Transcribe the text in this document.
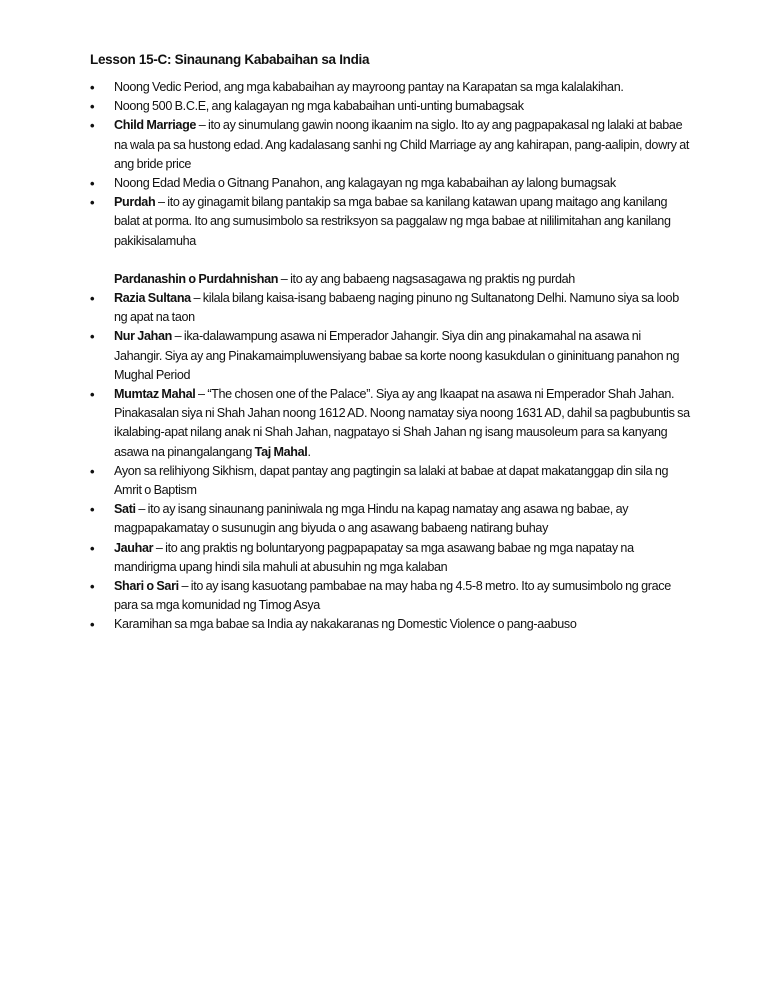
Lesson 15-C: Sinaunang Kababaihan sa India
• Noong Vedic Period, ang mga kababaihan ay mayroong pantay na Karapatan sa mga kalalakihan.
• Noong 500 B.C.E, ang kalagayan ng mga kababaihan unti-unting bumabagsak
• Child Marriage – ito ay sinumulang gawin noong ikaanim na siglo. Ito ay ang pagpapakasal ng lalaki at babae na wala pa sa hustong edad. Ang kadalasang sanhi ng Child Marriage ay ang kahirapan, pang-aalipin, dowry at ang bride price
• Noong Edad Media o Gitnang Panahon, ang kalagayan ng mga kababaihan ay lalong bumagsak
• Purdah – ito ay ginagamit bilang pantakip sa mga babae sa kanilang katawan upang maitago ang kanilang balat at porma. Ito ang sumusimbolo sa restriksyon sa paggalaw ng mga babae at nililimitahan ang kanilang pakikisalamuha
Pardanashin o Purdahnishan – ito ay ang babaeng nagsasagawa ng praktis ng purdah
• Razia Sultana – kilala bilang kaisa-isang babaeng naging pinuno ng Sultanatong Delhi. Namuno siya sa loob ng apat na taon
• Nur Jahan – ika-dalawampung asawa ni Emperador Jahangir. Siya din ang pinakamahal na asawa ni Jahangir. Siya ay ang Pinakamaimpluwensiyang babae sa korte noong kasukdulan o gininituang panahon ng Mughal Period
• Mumtaz Mahal – “The chosen one of the Palace”. Siya ay ang Ikaapat na asawa ni Emperador Shah Jahan. Pinakasalan siya ni Shah Jahan noong 1612 AD. Noong namatay siya noong 1631 AD, dahil sa pagbubuntis sa ikalabing-apat nilang anak ni Shah Jahan, nagpatayo si Shah Jahan ng isang mausoleum para sa kanyang asawa na pinangalangang Taj Mahal.
• Ayon sa relihiyong Sikhism, dapat pantay ang pagtingin sa lalaki at babae at dapat makatanggap din sila ng Amrit o Baptism
• Sati – ito ay isang sinaunang paniniwala ng mga Hindu na kapag namatay ang asawa ng babae, ay magpapakamatay o susunugin ang biyuda o ang asawang babaeng natirang buhay
• Jauhar – ito ang praktis ng boluntaryong pagpapapatay sa mga asawang babae ng mga napatay na mandirigma upang hindi sila mahuli at abusuhin ng mga kalaban
• Shari o Sari – ito ay isang kasuotang pambabae na may haba ng 4.5-8 metro. Ito ay sumusimbolo ng grace para sa mga komunidad ng Timog Asya
• Karamihan sa mga babae sa India ay nakakaranas ng Domestic Violence o pang-aabuso
